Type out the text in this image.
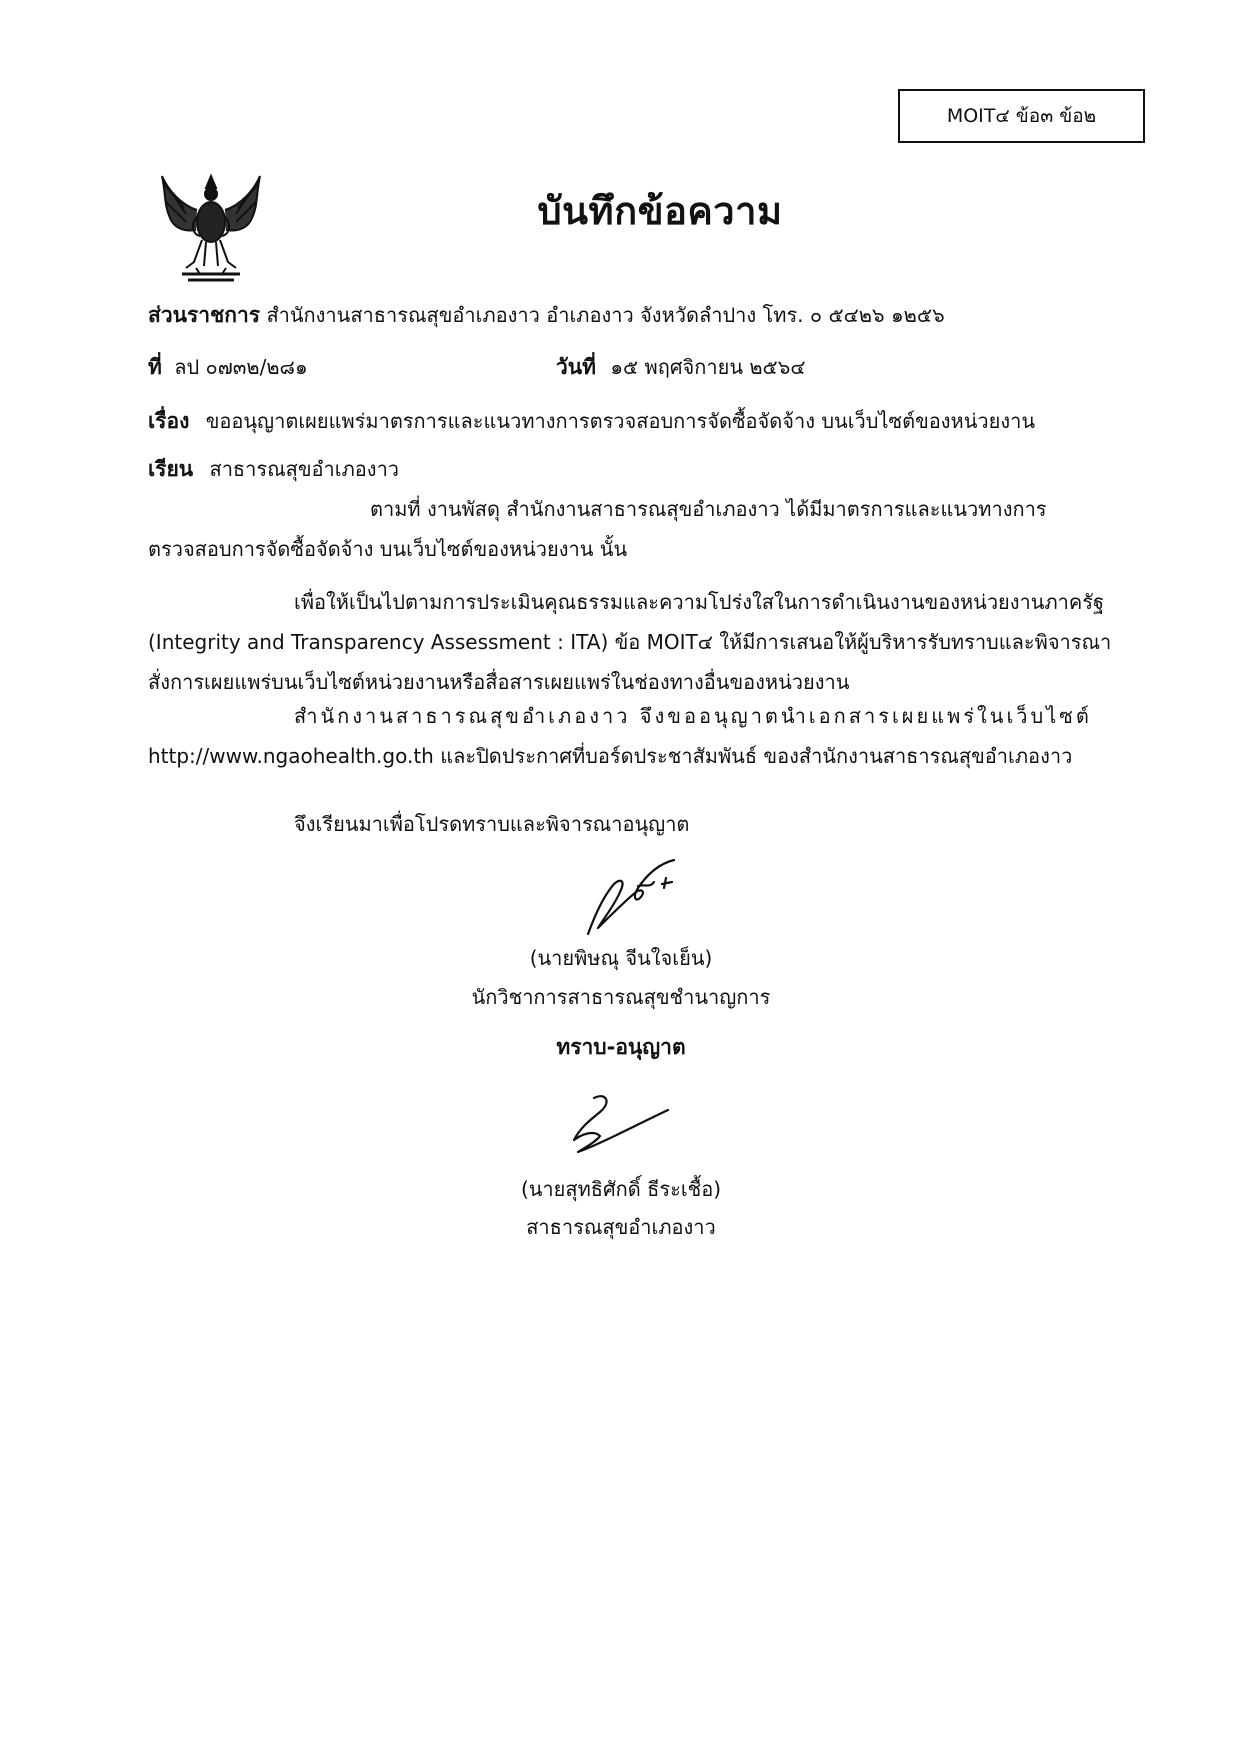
MOIT๔ ข้อ๓ ข้อ๒
บันทึกข้อความ
ส่วนราชการ สำนักงานสาธารณสุขอำเภองาว อำเภองาว จังหวัดลำปาง โทร. ๐ ๕๔๒๖ ๑๒๕๖
ที่ ลป ๐๗๓๒/๒๘๑	วันที่ ๑๕ พฤศจิกายน ๒๕๖๔
เรื่อง ขออนุญาตเผยแพร่มาตรการและแนวทางการตรวจสอบการจัดซื้อจัดจ้าง บนเว็บไซต์ของหน่วยงาน
เรียน สาธารณสุขอำเภองาว
ตามที่ งานพัสดุ สำนักงานสาธารณสุขอำเภองาว ได้มีมาตรการและแนวทางการ
ตรวจสอบการจัดซื้อจัดจ้าง บนเว็บไซต์ของหน่วยงาน นั้น
เพื่อให้เป็นไปตามการประเมินคุณธรรมและความโปร่งใสในการดำเนินงานของหน่วยงานภาครัฐ
(Integrity and Transparency Assessment : ITA) ข้อ MOIT๔ ให้มีการเสนอให้ผู้บริหารรับทราบและพิจารณา
สั่งการเผยแพร่บนเว็บไซต์หน่วยงานหรือสื่อสารเผยแพร่ในช่องทางอื่นของหน่วยงาน
สำนักงานสาธารณสุขอำเภองาว จึงขออนุญาตนำเอกสารเผยแพร่ในเว็บไซต์
http://www.ngaohealth.go.th และปิดประกาศที่บอร์ดประชาสัมพันธ์ ของสำนักงานสาธารณสุขอำเภองาว
จึงเรียนมาเพื่อโปรดทราบและพิจารณาอนุญาต
(นายพิษณุ จีนใจเย็น)
นักวิชาการสาธารณสุขชำนาญการ
ทราบ-อนุญาต
(นายสุทธิศักดิ์ ธีระเชื้อ)
สาธารณสุขอำเภองาว
